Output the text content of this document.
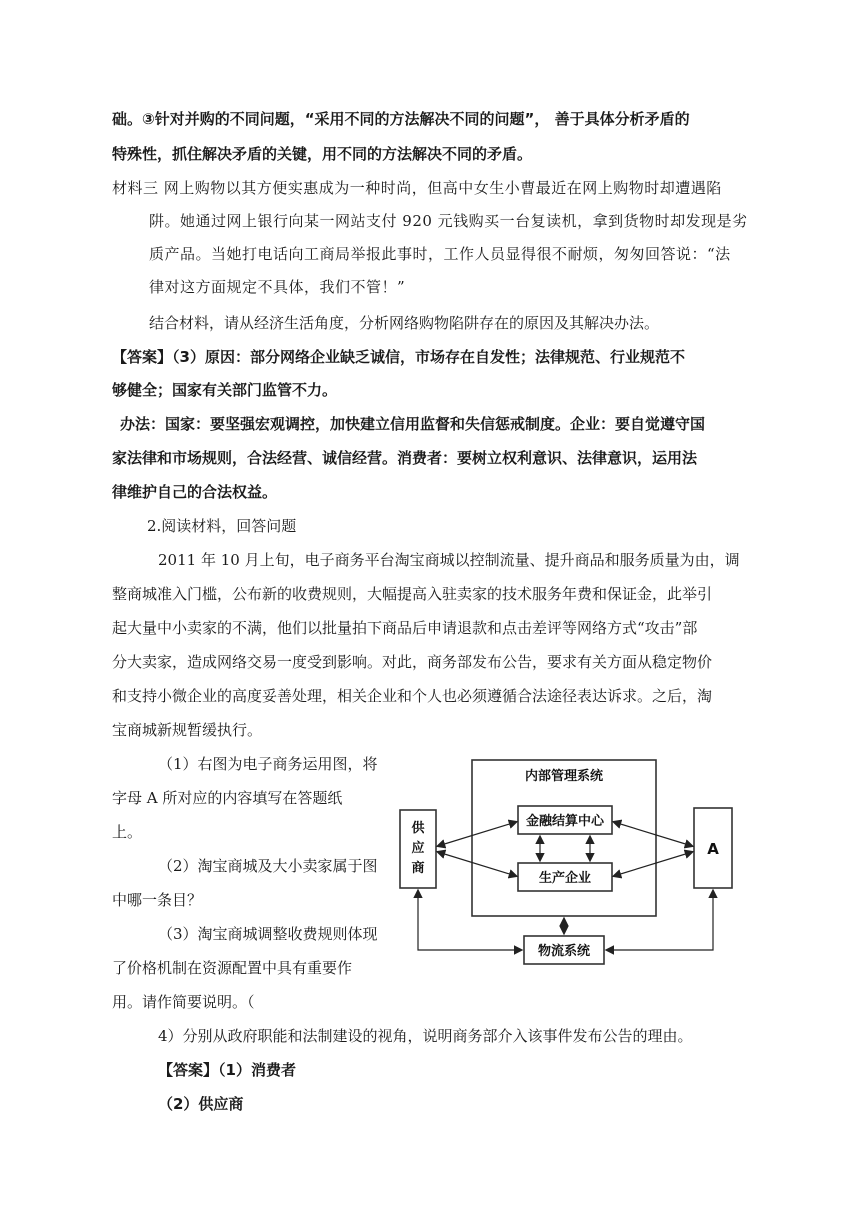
础。③针对并购的不同问题，“采用不同的方法解决不同的问题”， 善于具体分析矛盾的
特殊性，抓住解决矛盾的关键，用不同的方法解决不同的矛盾。
材料三 网上购物以其方便实惠成为一种时尚，但高中女生小曹最近在网上购物时却遭遇陷
阱。她通过网上银行向某一网站支付 920 元钱购买一台复读机，拿到货物时却发现是劣
质产品。当她打电话向工商局举报此事时，工作人员显得很不耐烦，匆匆回答说：“法
律对这方面规定不具体，我们不管！”
结合材料，请从经济生活角度，分析网络购物陷阱存在的原因及其解决办法。
【答案】（3）原因：部分网络企业缺乏诚信，市场存在自发性；法律规范、行业规范不
够健全；国家有关部门监管不力。
办法：国家：要坚强宏观调控，加快建立信用监督和失信惩戒制度。企业：要自觉遵守国
家法律和市场规则，合法经营、诚信经营。消费者：要树立权利意识、法律意识，运用法
律维护自己的合法权益。
2.阅读材料，回答问题
2011 年 10 月上旬，电子商务平台淘宝商城以控制流量、提升商品和服务质量为由，调
整商城准入门槛，公布新的收费规则，大幅提高入驻卖家的技术服务年费和保证金，此举引
起大量中小卖家的不满，他们以批量拍下商品后申请退款和点击差评等网络方式“攻击”部
分大卖家，造成网络交易一度受到影响。对此，商务部发布公告，要求有关方面从稳定物价
和支持小微企业的高度妥善处理，相关企业和个人也必须遵循合法途径表达诉求。之后，淘
宝商城新规暂缓执行。
（1）右图为电子商务运用图，将
字母 A 所对应的内容填写在答题纸
上。
（2）淘宝商城及大小卖家属于图
中哪一条目？
（3）淘宝商城调整收费规则体现
了价格机制在资源配置中具有重要作
用。请作简要说明。（
4）分别从政府职能和法制建设的视角，说明商务部介入该事件发布公告的理由。
内部管理系统
金融结算中心
生产企业
供
应
商
A
物流系统
【答案】（1）消费者
（2）供应商
